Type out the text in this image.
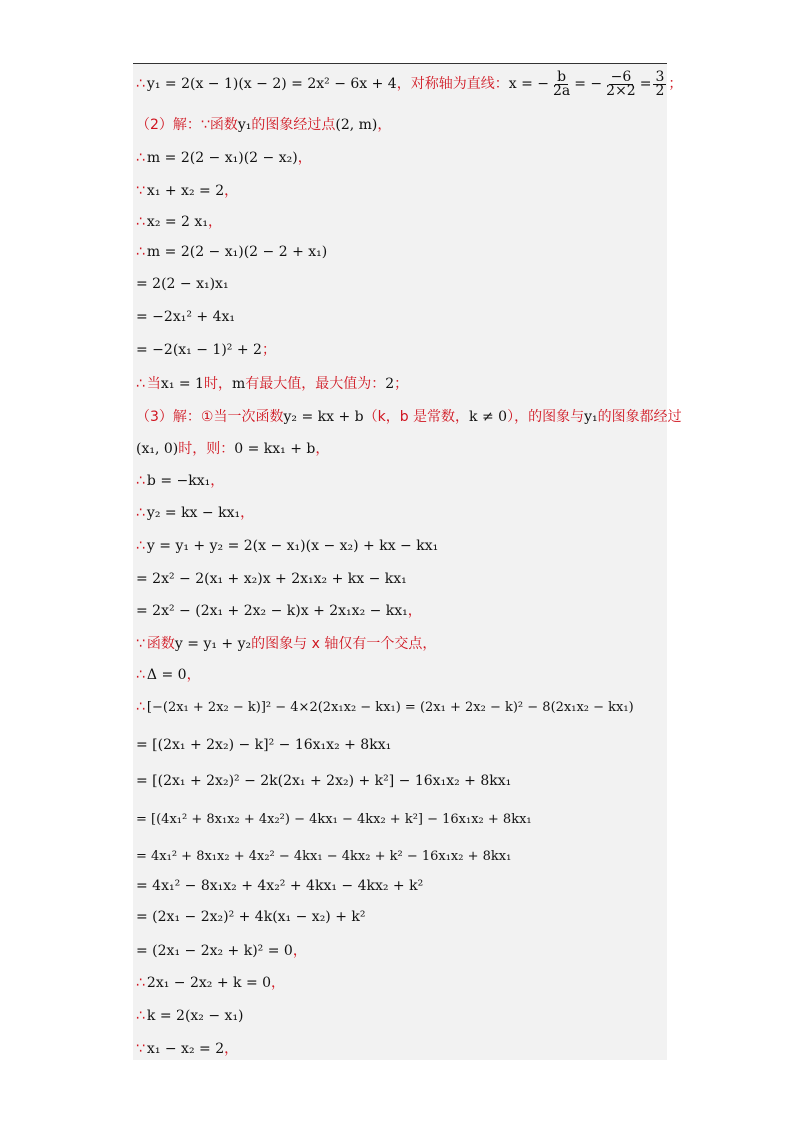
∴ y₁ = 2(x − 1)(x − 2) = 2x² − 6x + 4 ，对称轴为直线： x = − $\frac{b}{2a}$ = − $\frac{-6}{2\times 2} = \frac{3}{2}$ ；
（2）解：∵函数 y₁ 的图象经过点 (2, m) ，
∴ m = 2(2 − x₁)(2 − x₂) ，
∵ x₁ + x₂ = 2 ，
∴ x₂ = 2 x₁ ，
∴ m = 2(2 − x₁)(2 − 2 + x₁)
= 2(2 − x₁)x₁
= −2x₁² + 4x₁
= −2(x₁ − 1)² + 2 ；
∴ 当 x₁ = 1 时， m 有最大值，最大值为： 2 ；
（3）解：①当一次函数 y₂ = kx + b （k，b 是常数， k ≠ 0 ），的图象与 y₁ 的图象都经过
(x₁, 0) 时，则： 0 = kx₁ + b ，
∴ b = −kx₁ ，
∴ y₂ = kx − kx₁ ，
∴ y = y₁ + y₂ = 2(x − x₁)(x − x₂) + kx − kx₁
= 2x² − 2(x₁ + x₂)x + 2x₁x₂ + kx − kx₁
= 2x² − (2x₁ + 2x₂ − k)x + 2x₁x₂ − kx₁ ，
∵ 函数 y = y₁ + y₂ 的图象与 x 轴仅有一个交点，
∴ Δ = 0 ，
∴ [−(2x₁ + 2x₂ − k)]² − 4×2(2x₁x₂ − kx₁) = (2x₁ + 2x₂ − k)² − 8(2x₁x₂ − kx₁)
= [(2x₁ + 2x₂) − k]² − 16x₁x₂ + 8kx₁
= [(2x₁ + 2x₂)² − 2k(2x₁ + 2x₂) + k²] − 16x₁x₂ + 8kx₁
= [(4x₁² + 8x₁x₂ + 4x₂²) − 4kx₁ − 4kx₂ + k²] − 16x₁x₂ + 8kx₁
= 4x₁² + 8x₁x₂ + 4x₂² − 4kx₁ − 4kx₂ + k² − 16x₁x₂ + 8kx₁
= 4x₁² − 8x₁x₂ + 4x₂² + 4kx₁ − 4kx₂ + k²
= (2x₁ − 2x₂)² + 4k(x₁ − x₂) + k²
= (2x₁ − 2x₂ + k)² = 0 ，
∴ 2x₁ − 2x₂ + k = 0 ，
∴ k = 2(x₂ − x₁)
∵ x₁ − x₂ = 2 ，
